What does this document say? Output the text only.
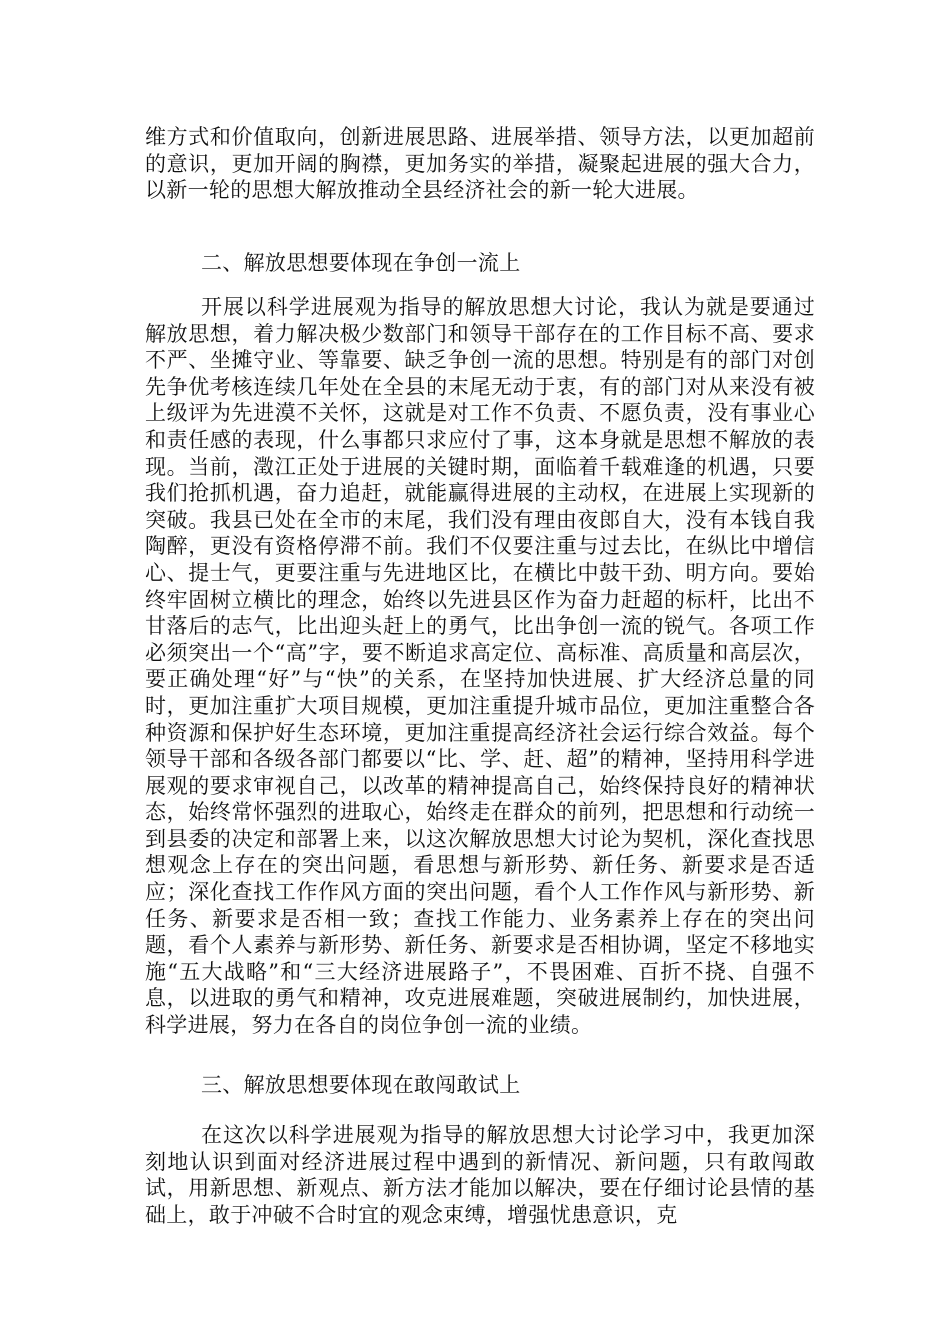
维方式和价值取向，创新进展思路、进展举措、领导方法，以更加超前的意识，更加开阔的胸襟，更加务实的举措，凝聚起进展的强大合力，以新一轮的思想大解放推动全县经济社会的新一轮大进展。

二、解放思想要体现在争创一流上

开展以科学进展观为指导的解放思想大讨论，我认为就是要通过解放思想，着力解决极少数部门和领导干部存在的工作目标不高、要求不严、坐摊守业、等靠要、缺乏争创一流的思想。特别是有的部门对创先争优考核连续几年处在全县的末尾无动于衷，有的部门对从来没有被上级评为先进漠不关怀，这就是对工作不负责、不愿负责，没有事业心和责任感的表现，什么事都只求应付了事，这本身就是思想不解放的表现。当前，澂江正处于进展的关键时期，面临着千载难逢的机遇，只要我们抢抓机遇，奋力追赶，就能赢得进展的主动权，在进展上实现新的突破。我县已处在全市的末尾，我们没有理由夜郎自大，没有本钱自我陶醉，更没有资格停滞不前。我们不仅要注重与过去比，在纵比中增信心、提士气，更要注重与先进地区比，在横比中鼓干劲、明方向。要始终牢固树立横比的理念，始终以先进县区作为奋力赶超的标杆，比出不甘落后的志气，比出迎头赶上的勇气，比出争创一流的锐气。各项工作必须突出一个“高”字，要不断追求高定位、高标准、高质量和高层次，要正确处理“好”与“快”的关系，在坚持加快进展、扩大经济总量的同时，更加注重扩大项目规模，更加注重提升城市品位，更加注重整合各种资源和保护好生态环境，更加注重提高经济社会运行综合效益。每个领导干部和各级各部门都要以“比、学、赶、超”的精神，坚持用科学进展观的要求审视自己，以改革的精神提高自己，始终保持良好的精神状态，始终常怀强烈的进取心，始终走在群众的前列，把思想和行动统一到县委的决定和部署上来，以这次解放思想大讨论为契机，深化查找思想观念上存在的突出问题，看思想与新形势、新任务、新要求是否适应；深化查找工作作风方面的突出问题，看个人工作作风与新形势、新任务、新要求是否相一致；查找工作能力、业务素养上存在的突出问题，看个人素养与新形势、新任务、新要求是否相协调，坚定不移地实施“五大战略”和“三大经济进展路子”，不畏困难、百折不挠、自强不息，以进取的勇气和精神，攻克进展难题，突破进展制约，加快进展，科学进展，努力在各自的岗位争创一流的业绩。

三、解放思想要体现在敢闯敢试上

在这次以科学进展观为指导的解放思想大讨论学习中，我更加深刻地认识到面对经济进展过程中遇到的新情况、新问题，只有敢闯敢试，用新思想、新观点、新方法才能加以解决，要在仔细讨论县情的基础上，敢于冲破不合时宜的观念束缚，增强忧患意识，克
